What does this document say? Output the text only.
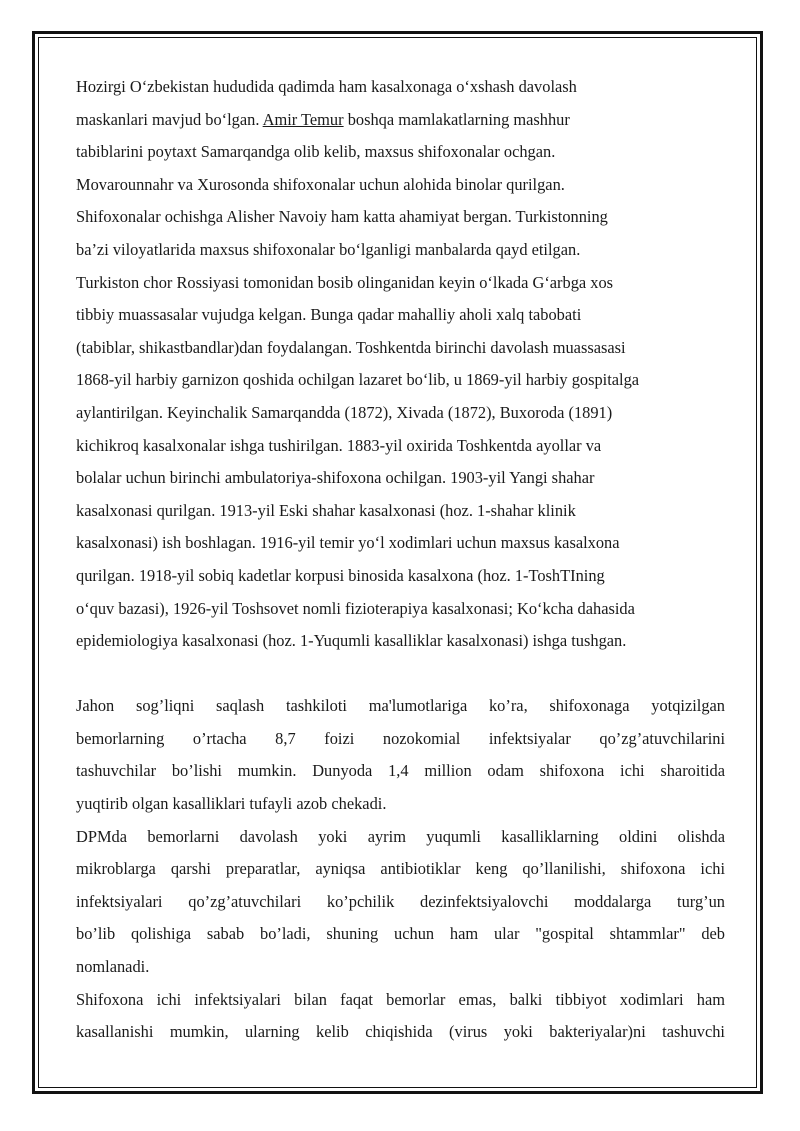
Hozirgi O‘zbekistan hududida qadimda ham kasalxonaga o‘xshash davolash
maskanlari mavjud bo‘lgan. Amir Temur boshqa mamlakatlarning mashhur
tabiblarini poytaxt Samarqandga olib kelib, maxsus shifoxonalar ochgan.
Movarounnahr va Xurosonda shifoxonalar uchun alohida binolar qurilgan.
Shifoxonalar ochishga Alisher Navoiy ham katta ahamiyat bergan. Turkistonning
ba’zi viloyatlarida maxsus shifoxonalar bo‘lganligi manbalarda qayd etilgan.
Turkiston chor Rossiyasi tomonidan bosib olinganidan keyin o‘lkada G‘arbga xos
tibbiy muassasalar vujudga kelgan. Bunga qadar mahalliy aholi xalq tabobati
(tabiblar, shikastbandlar)dan foydalangan. Toshkentda birinchi davolash muassasasi
1868-yil harbiy garnizon qoshida ochilgan lazaret bo‘lib, u 1869-yil harbiy gospitalga
aylantirilgan. Keyinchalik Samarqandda (1872), Xivada (1872), Buxoroda (1891)
kichikroq kasalxonalar ishga tushirilgan. 1883-yil oxirida Toshkentda ayollar va
bolalar uchun birinchi ambulatoriya-shifoxona ochilgan. 1903-yil Yangi shahar
kasalxonasi qurilgan. 1913-yil Eski shahar kasalxonasi (hoz. 1-shahar klinik
kasalxonasi) ish boshlagan. 1916-yil temir yo‘l xodimlari uchun maxsus kasalxona
qurilgan. 1918-yil sobiq kadetlar korpusi binosida kasalxona (hoz. 1-ToshTIning
o‘quv bazasi), 1926-yil Toshsovet nomli fizioterapiya kasalxonasi; Ko‘kcha dahasida
epidemiologiya kasalxonasi (hoz. 1-Yuqumli kasalliklar kasalxonasi) ishga tushgan.
Jahon sog’liqni saqlash tashkiloti ma'lumotlariga ko’ra, shifoxonaga yotqizilgan
bemorlarning o’rtacha 8,7 foizi nozokomial infektsiyalar qo’zg’atuvchilarini
tashuvchilar bo’lishi mumkin. Dunyoda 1,4 million odam shifoxona ichi sharoitida
yuqtirib olgan kasalliklari tufayli azob chekadi.
DPMda bemorlarni davolash yoki ayrim yuqumli kasalliklarning oldini olishda
mikroblarga qarshi preparatlar, ayniqsa antibiotiklar keng qo’llanilishi, shifoxona ichi
infektsiyalari qo’zg’atuvchilari ko’pchilik dezinfektsiyalovchi moddalarga turg’un
bo’lib qolishiga sabab bo’ladi, shuning uchun ham ular "gospital shtammlar" deb
nomlanadi.
Shifoxona ichi infektsiyalari bilan faqat bemorlar emas, balki tibbiyot xodimlari ham
kasallanishi mumkin, ularning kelib chiqishida (virus yoki bakteriyalar)ni tashuvchi
